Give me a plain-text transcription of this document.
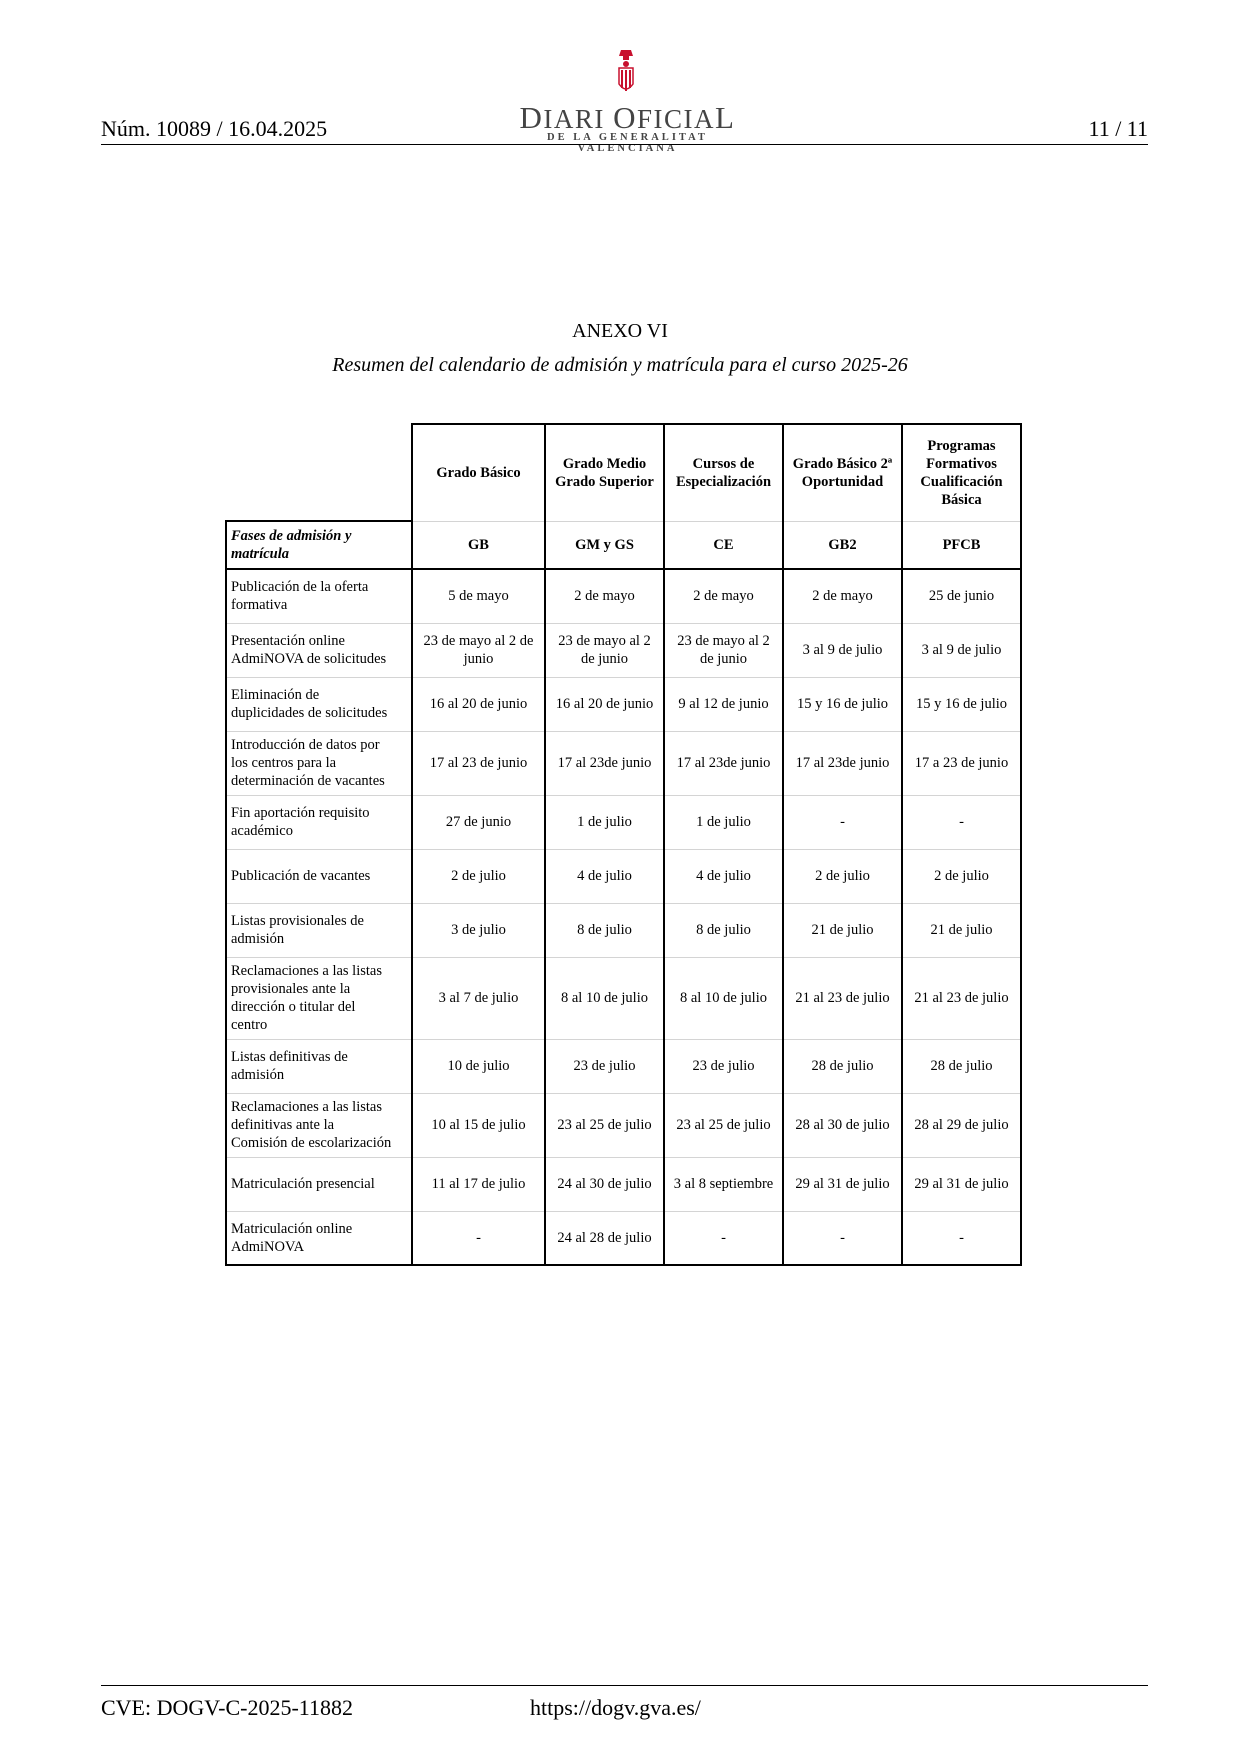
Núm. 10089 / 16.04.2025	DIARI OFICIAL
DE LA GENERALITAT VALENCIANA
11 / 11
ANEXO VI
Resumen del calendario de admisión y matrícula para el curso 2025-26
	Grado Básico	Grado Medio
Grado Superior	Cursos de
Especialización	Grado Básico 2ª
Oportunidad	Programas
Formativos
Cualificación
Básica
Fases de admisión y
matrícula	GB	GM y GS	CE	GB2	PFCB
Publicación de la oferta
formativa	5 de mayo	2 de mayo	2 de mayo	2 de mayo	25 de junio
Presentación online
AdmiNOVA de solicitudes	23 de mayo al 2 de
junio	23 de mayo al 2
de junio	23 de mayo al 2
de junio	3 al 9 de julio	3 al 9 de julio
Eliminación de
duplicidades de solicitudes	16 al 20 de junio	16 al 20 de junio	9 al 12 de junio	15 y 16 de julio	15 y 16 de julio
Introducción de datos por
los centros para la
determinación de vacantes	17 al 23 de junio	17 al 23de junio	17 al 23de junio	17 al 23de junio	17 a 23 de junio
Fin aportación requisito
académico	27 de junio	1 de julio	1 de julio	-	-
Publicación de vacantes	2 de julio	4 de julio	4 de julio	2 de julio	2 de julio
Listas provisionales de
admisión	3 de julio	8 de julio	8 de julio	21 de julio	21 de julio
Reclamaciones a las listas
provisionales ante la
dirección o titular del
centro	3 al 7 de julio	8 al 10 de julio	8 al 10 de julio	21 al 23 de julio	21 al 23 de julio
Listas definitivas de
admisión	10 de julio	23 de julio	23 de julio	28 de julio	28 de julio
Reclamaciones a las listas
definitivas ante la
Comisión de escolarización	10 al 15 de julio	23 al 25 de julio	23 al 25 de julio	28 al 30 de julio	28 al 29 de julio
Matriculación presencial	11 al 17 de julio	24 al 30 de julio	3 al 8 septiembre	29 al 31 de julio	29 al 31 de julio
Matriculación online
AdmiNOVA	-	24 al 28 de julio	-	-	-
CVE: DOGV-C-2025-11882	https://dogv.gva.es/
